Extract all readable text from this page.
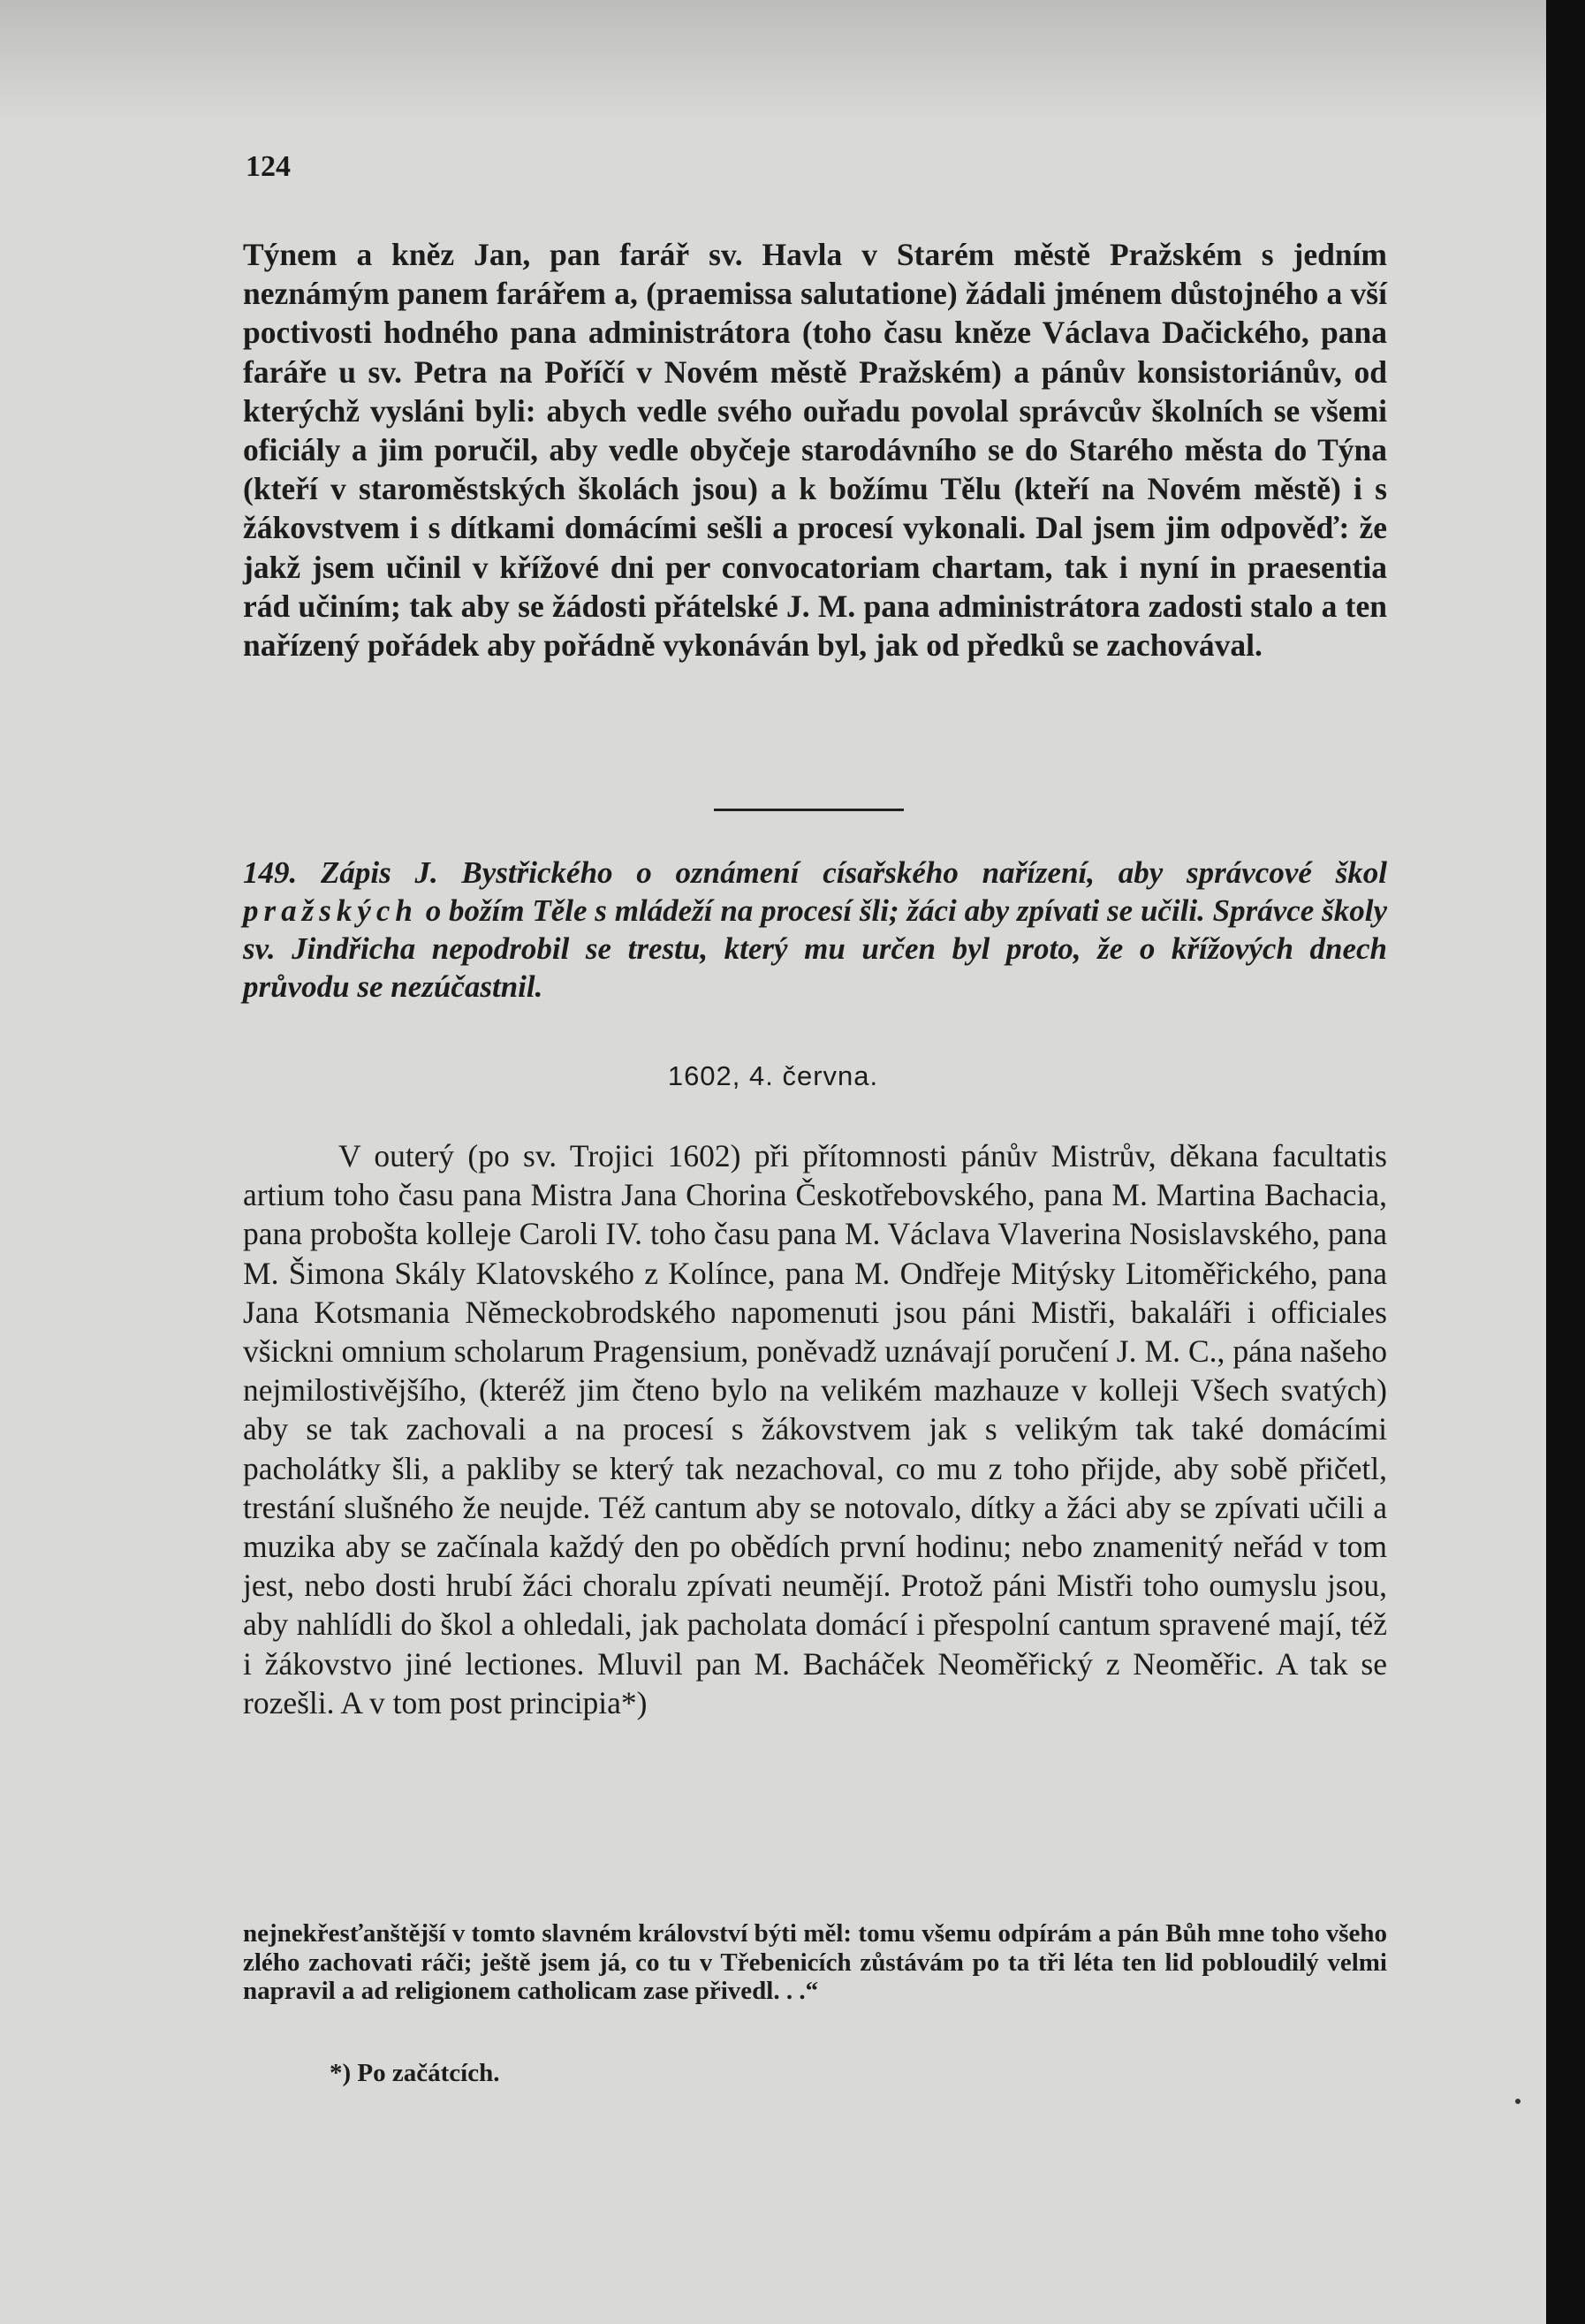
124

Týnem a kněz Jan, pan farář sv. Havla v Starém městě Pražském s jedním neznámým panem farářem a, (praemissa salutatione) žádali jménem důstojného a vší poctivosti hodného pana administrátora (toho času kněze Václava Dačického, pana faráře u sv. Petra na Poříčí v Novém městě Pražském) a pánův konsistoriánův, od kterýchž vysláni byli: abych vedle svého ouřadu povolal správcův školních se všemi oficiály a jim poručil, aby vedle obyčeje starodávního se do Starého města do Týna (kteří v staroměstských školách jsou) a k božímu Tělu (kteří na Novém městě) i s žákovstvem i s dítkami domácími sešli a procesí vykonali. Dal jsem jim odpověď: že jakž jsem učinil v křížové dni per convocatoriam chartam, tak i nyní in praesentia rád učiním; tak aby se žádosti přátelské J. M. pana administrátora zadosti stalo a ten nařízený pořádek aby pořádně vykonáván byl, jak od předků se zachovával.

149. Zápis J. Bystřického o oznámení císařského nařízení, aby správcové škol pražských o božím Těle s mládeží na procesí šli; žáci aby zpívati se učili. Správce školy sv. Jindřicha nepodrobil se trestu, který mu určen byl proto, že o křížových dnech průvodu se nezúčastnil.

1602, 4. června.

V outerý (po sv. Trojici 1602) při přítomnosti pánův Mistrův, děkana facultatis artium toho času pana Mistra Jana Chorina Českotřebovského, pana M. Martina Bachacia, pana proboštа kolleje Caroli IV. toho času pana M. Václava Vlaverina Nosislavského, pana M. Šimona Skály Klatovského z Kolínce, pana M. Ondřeje Mitýsky Litoměřického, pana Jana Kotsmania Německobrodského napomenuti jsou páni Mistři, bakaláři i officiales všickni omnium scholarum Pragensium, poněvadž uznávají poručení J. M. C., pána našeho nejmilostivějšího, (kteréž jim čteno bylo na velikém mazhauze v kolleji Všech svatých) aby se tak zachovali a na procesí s žákovstvem jak s velikým tak také domácími pacholátky šli, a pakliby se který tak nezachoval, co mu z toho přijde, aby sobě přičetl, trestání slušného že neujde. Též cantum aby se notovalo, dítky a žáci aby se zpívati učili a muzika aby se začínala každý den po obědích první hodinu; nebo znamenitý neřád v tom jest, nebo dosti hrubí žáci choralu zpívati neumějí. Protož páni Mistři toho oumyslu jsou, aby nahlídli do škol a ohledali, jak pacholata domácí i přespolní cantum spravené mají, též i žákovstvo jiné lectiones. Mluvil pan M. Bacháček Neoměřický z Neoměřic. A tak se rozešli. A v tom post principia*)

nejnekřesťanštější v tomto slavném království býti měl: tomu všemu odpírám a pán Bůh mne toho všeho zlého zachovati ráči; ještě jsem já, co tu v Třebenicích zůstávám po ta tři léta ten lid pobloudilý velmi napravil a ad religionem catholicam zase přivedl. . .“

*) Po začátcích.
